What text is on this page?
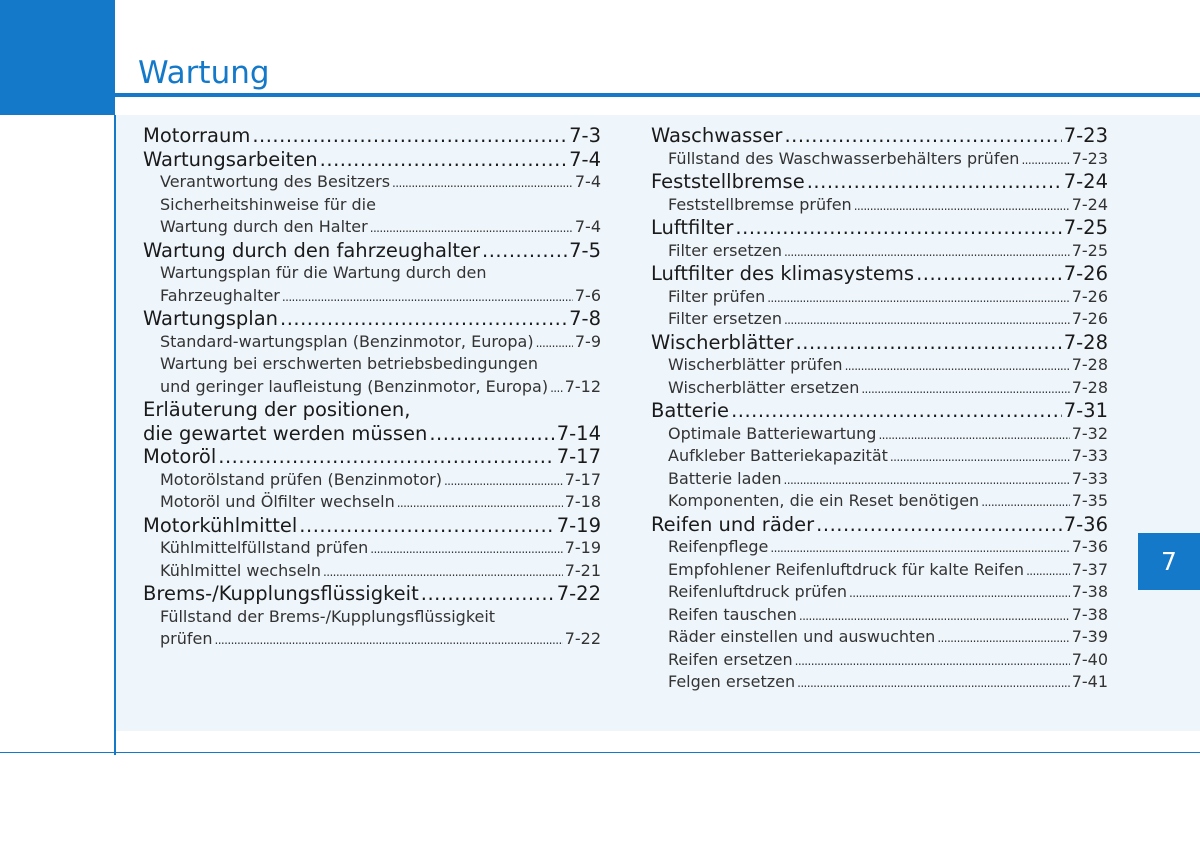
Wartung
7
Motorraum .....	7-3
Wartungsarbeiten .....	7-4
Verantwortung des Besitzers .....	7-4
Sicherheitshinweise für die
Wartung durch den Halter .....	7-4
Wartung durch den fahrzeughalter .....	7-5
Wartungsplan für die Wartung durch den
Fahrzeughalter .....	7-6
Wartungsplan .....	7-8
Standard-wartungsplan (Benzinmotor, Europa) .....	7-9
Wartung bei erschwerten betriebsbedingungen
und geringer laufleistung (Benzinmotor, Europa) ..... 7-12
Erläuterung der positionen,
die gewartet werden müssen .....	7-14
Motoröl .....	7-17
Motorölstand prüfen (Benzinmotor) .....	7-17
Motoröl und Ölfilter wechseln .....	7-18
Motorkühlmittel .....	7-19
Kühlmittelfüllstand prüfen .....	7-19
Kühlmittel wechseln .....	7-21
Brems-/Kupplungsflüssigkeit .....	7-22
Füllstand der Brems-/Kupplungsflüssigkeit
prüfen .....	7-22
Waschwasser .....	7-23
Füllstand des Waschwasserbehälters prüfen .....	7-23
Feststellbremse .....	7-24
Feststellbremse prüfen .....	7-24
Luftfilter .....	7-25
Filter ersetzen .....	7-25
Luftfilter des klimasystems .....	7-26
Filter prüfen .....	7-26
Filter ersetzen .....	7-26
Wischerblätter .....	7-28
Wischerblätter prüfen .....	7-28
Wischerblätter ersetzen .....	7-28
Batterie .....	7-31
Optimale Batteriewartung .....	7-32
Aufkleber Batteriekapazität .....	7-33
Batterie laden .....	7-33
Komponenten, die ein Reset benötigen .....	7-35
Reifen und räder .....	7-36
Reifenpflege .....	7-36
Empfohlener Reifenluftdruck für kalte Reifen .....	7-37
Reifenluftdruck prüfen .....	7-38
Reifen tauschen .....	7-38
Räder einstellen und auswuchten .....	7-39
Reifen ersetzen .....	7-40
Felgen ersetzen .....	7-41
